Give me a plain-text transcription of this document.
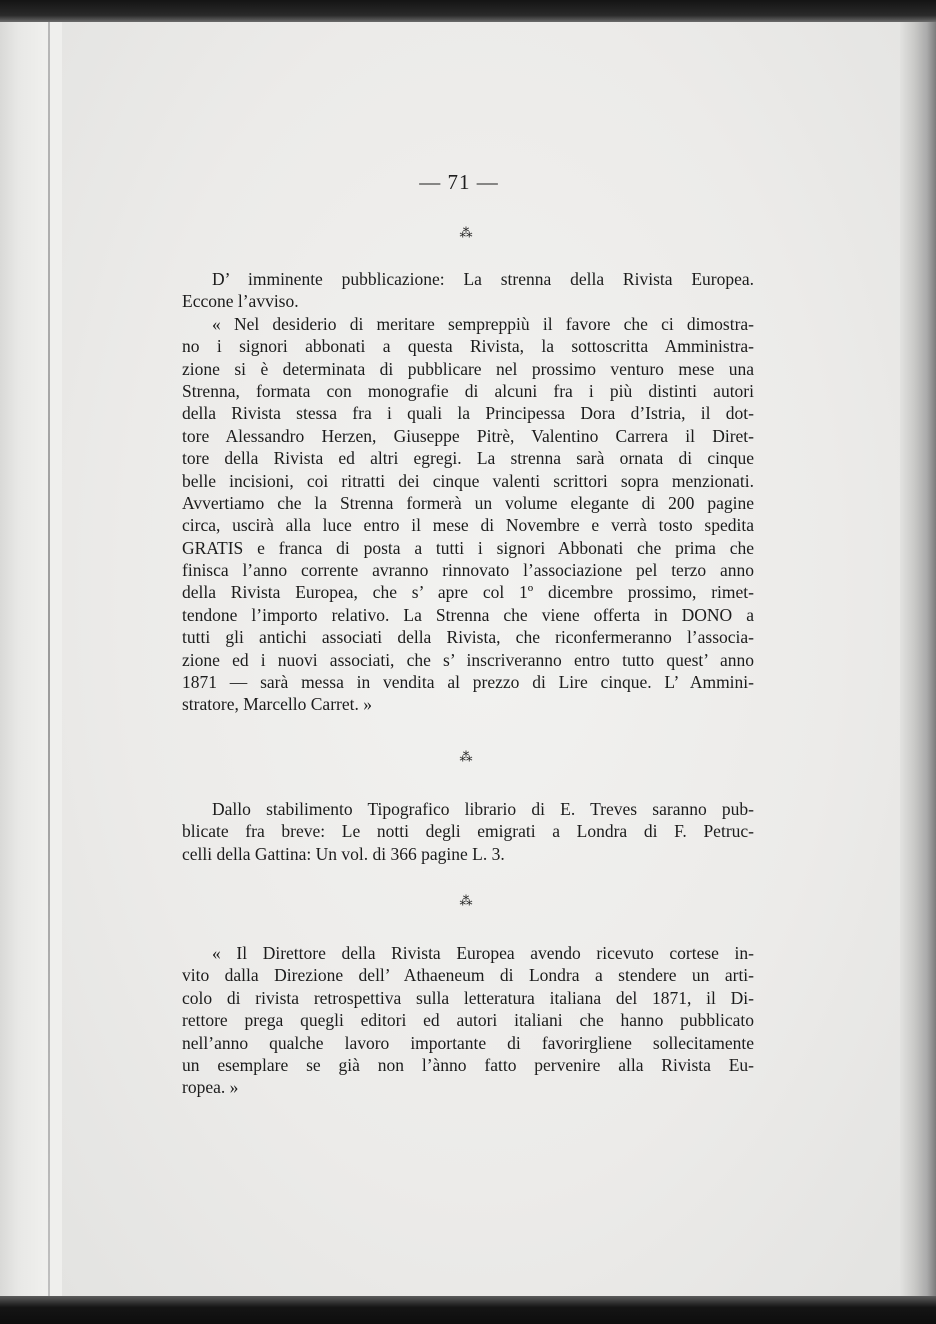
— 71 —
⁂
D’ imminente pubblicazione: La strenna della Rivista Europea.
Eccone l’avviso.
« Nel desiderio di meritare sempreppiù il favore che ci dimostra-
no i signori abbonati a questa Rivista, la sottoscritta Amministra-
zione si è determinata di pubblicare nel prossimo venturo mese una
Strenna, formata con monografie di alcuni fra i più distinti autori
della Rivista stessa fra i quali la Principessa Dora d’Istria, il dot-
tore Alessandro Herzen, Giuseppe Pitrè, Valentino Carrera il Diret-
tore della Rivista ed altri egregi. La strenna sarà ornata di cinque
belle incisioni, coi ritratti dei cinque valenti scrittori sopra menzionati.
Avvertiamo che la Strenna formerà un volume elegante di 200 pagine
circa, uscirà alla luce entro il mese di Novembre e verrà tosto spedita
GRATIS e franca di posta a tutti i signori Abbonati che prima che
finisca l’anno corrente avranno rinnovato l’associazione pel terzo anno
della Rivista Europea, che s’ apre col 1º dicembre prossimo, rimet-
tendone l’importo relativo. La Strenna che viene offerta in DONO a
tutti gli antichi associati della Rivista, che riconfermeranno l’associa-
zione ed i nuovi associati, che s’ inscriveranno entro tutto quest’ anno
1871 — sarà messa in vendita al prezzo di Lire cinque. L’ Ammini-
stratore, Marcello Carret. »
⁂
Dallo stabilimento Tipografico librario di E. Treves saranno pub-
blicate fra breve: Le notti degli emigrati a Londra di F. Petruc-
celli della Gattina: Un vol. di 366 pagine L. 3.
⁂
« Il Direttore della Rivista Europea avendo ricevuto cortese in-
vito dalla Direzione dell’ Athaeneum di Londra a stendere un arti-
colo di rivista retrospettiva sulla letteratura italiana del 1871, il Di-
rettore prega quegli editori ed autori italiani che hanno pubblicato
nell’anno qualche lavoro importante di favorirgliene sollecitamente
un esemplare se già non l’ànno fatto pervenire alla Rivista Eu-
ropea. »
